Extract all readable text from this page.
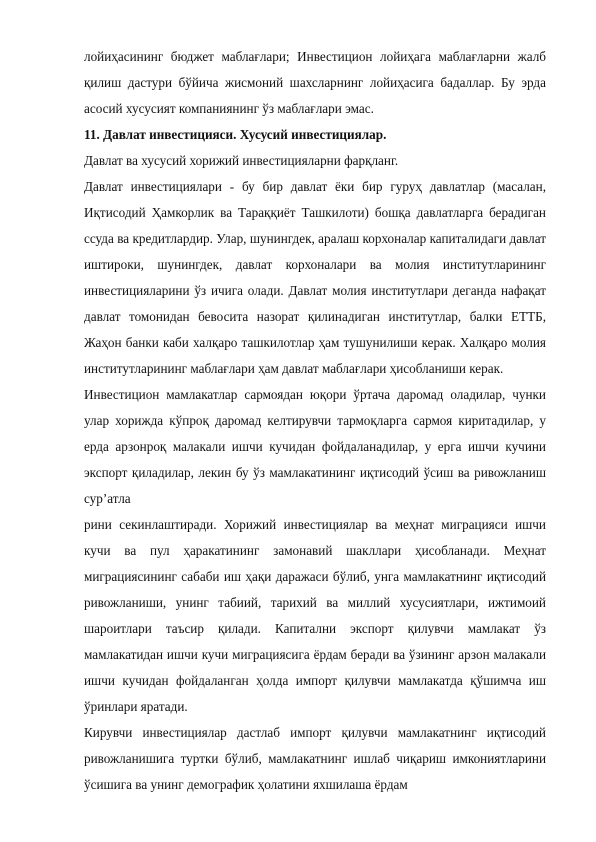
лойиҳасининг бюджет маблағлари; Инвестицион лойиҳага маблағларни жалб қилиш дастури бўйича жисмоний шахсларнинг лойиҳасига бадаллар. Бу эрда асосий хусусият компаниянинг ўз маблағлари эмас.

11. Давлат инвестицияси. Хусусий инвестициялар.

Давлат ва хусусий хорижий инвестицияларни фарқланг.

Давлат инвестициялари - бу бир давлат ёки бир гуруҳ давлатлар (масалан, Иқтисодий Ҳамкорлик ва Тараққиёт Ташкилоти) бошқа давлатларга берадиган ссуда ва кредитлардир. Улар, шунингдек, аралаш корхоналар капиталидаги давлат иштироки, шунингдек, давлат корхоналари ва молия институтларининг инвестицияларини ўз ичига олади. Давлат молия институтлари деганда нафақат давлат томонидан бевосита назорат қилинадиган институтлар, балки ЕТТБ, Жаҳон банки каби халқаро ташкилотлар ҳам тушунилиши керак. Халқаро молия институтларининг маблағлари ҳам давлат маблағлари ҳисобланиши керак.

Инвестицион мамлакатлар сармоядан юқори ўртача даромад оладилар, чунки улар хорижда кўпроқ даромад келтирувчи тармоқларга сармоя киритадилар, у ерда арзонроқ малакали ишчи кучидан фойдаланадилар, у ерга ишчи кучини экспорт қиладилар, лекин бу ўз мамлакатининг иқтисодий ўсиш ва ривожланиш сур’атла

рини секинлаштиради. Хорижий инвестициялар ва меҳнат миграцияси ишчи кучи ва пул ҳаракатининг замонавий шакллари ҳисобланади. Меҳнат миграциясининг сабаби иш ҳақи даражаси бўлиб, унга мамлакатнинг иқтисодий ривожланиши, унинг табиий, тарихий ва миллий хусусиятлари, ижтимоий шароитлари таъсир қилади. Капитални экспорт қилувчи мамлакат ўз мамлакатидан ишчи кучи миграциясига ёрдам беради ва ўзининг арзон малакали ишчи кучидан фойдаланган ҳолда импорт қилувчи мамлакатда қўшимча иш ўринлари яратади.

Кирувчи инвестициялар дастлаб импорт қилувчи мамлакатнинг иқтисодий ривожланишига туртки бўлиб, мамлакатнинг ишлаб чиқариш имкониятларини ўсишига ва унинг демографик ҳолатини яхшилаша ёрдам
